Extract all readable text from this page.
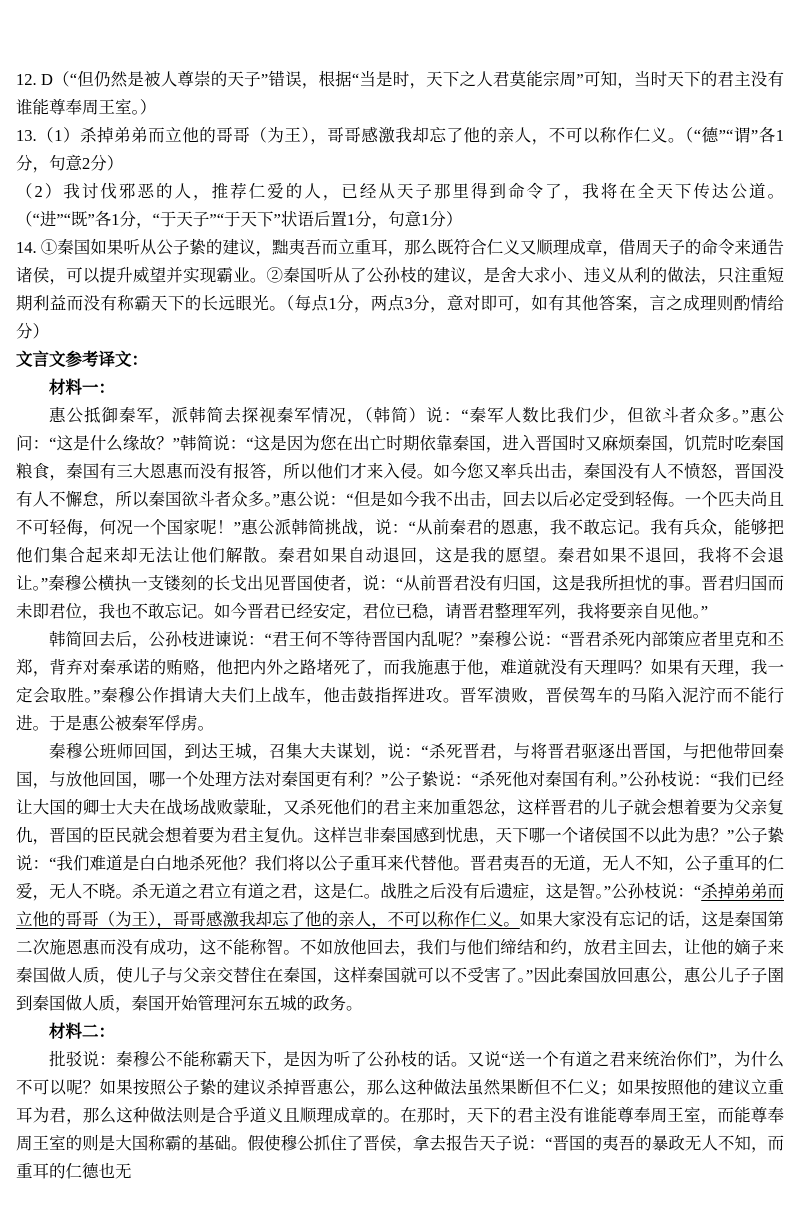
12. D（“但仍然是被人尊崇的天子”错误，根据“当是时，天下之人君莫能宗周”可知，当时天下的君主没有谁能尊奉周王室。）

13.（1）杀掉弟弟而立他的哥哥（为王），哥哥感激我却忘了他的亲人，不可以称作仁义。（“德”“谓”各1分，句意2分）

（2）我讨伐邪恶的人，推荐仁爱的人，已经从天子那里得到命令了，我将在全天下传达公道。（“进”“既”各1分，“于天子”“于天下”状语后置1分，句意1分）

14. ①秦国如果听从公子絷的建议，黜夷吾而立重耳，那么既符合仁义又顺理成章，借周天子的命令来通告诸侯，可以提升威望并实现霸业。②秦国听从了公孙枝的建议，是舍大求小、违义从利的做法，只注重短期利益而没有称霸天下的长远眼光。（每点1分，两点3分，意对即可，如有其他答案，言之成理则酌情给分）

文言文参考译文：

材料一：

惠公抵御秦军，派韩简去探视秦军情况，（韩简）说：“秦军人数比我们少，但欲斗者众多。”惠公问：“这是什么缘故？”韩简说：“这是因为您在出亡时期依靠秦国，进入晋国时又麻烦秦国，饥荒时吃秦国粮食，秦国有三大恩惠而没有报答，所以他们才来入侵。如今您又率兵出击，秦国没有人不愤怒，晋国没有人不懈怠，所以秦国欲斗者众多。”惠公说：“但是如今我不出击，回去以后必定受到轻侮。一个匹夫尚且不可轻侮，何况一个国家呢！”惠公派韩简挑战，说：“从前秦君的恩惠，我不敢忘记。我有兵众，能够把他们集合起来却无法让他们解散。秦君如果自动退回，这是我的愿望。秦君如果不退回，我将不会退让。”秦穆公横执一支镂刻的长戈出见晋国使者，说：“从前晋君没有归国，这是我所担忧的事。晋君归国而未即君位，我也不敢忘记。如今晋君已经安定，君位已稳，请晋君整理军列，我将要亲自见他。”

韩简回去后，公孙枝进谏说：“君王何不等待晋国内乱呢？”秦穆公说：“晋君杀死内部策应者里克和丕郑，背弃对秦承诺的贿赂，他把内外之路堵死了，而我施惠于他，难道就没有天理吗？如果有天理，我一定会取胜。”秦穆公作揖请大夫们上战车，他击鼓指挥进攻。晋军溃败，晋侯驾车的马陷入泥泞而不能行进。于是惠公被秦军俘虏。

秦穆公班师回国，到达王城，召集大夫谋划，说：“杀死晋君，与将晋君驱逐出晋国，与把他带回秦国，与放他回国，哪一个处理方法对秦国更有利？”公子絷说：“杀死他对秦国有利。”公孙枝说：“我们已经让大国的卿士大夫在战场战败蒙耻，又杀死他们的君主来加重怨忿，这样晋君的儿子就会想着要为父亲复仇，晋国的臣民就会想着要为君主复仇。这样岂非秦国感到忧患，天下哪一个诸侯国不以此为患？”公子絷说：“我们难道是白白地杀死他？我们将以公子重耳来代替他。晋君夷吾的无道，无人不知，公子重耳的仁爱，无人不晓。杀无道之君立有道之君，这是仁。战胜之后没有后遗症，这是智。”公孙枝说：“杀掉弟弟而立他的哥哥（为王），哥哥感激我却忘了他的亲人，不可以称作仁义。如果大家没有忘记的话，这是秦国第二次施恩惠而没有成功，这不能称智。不如放他回去，我们与他们缔结和约，放君主回去，让他的嫡子来秦国做人质，使儿子与父亲交替住在秦国，这样秦国就可以不受害了。”因此秦国放回惠公，惠公儿子子圉到秦国做人质，秦国开始管理河东五城的政务。

材料二：

批驳说：秦穆公不能称霸天下，是因为听了公孙枝的话。又说“送一个有道之君来统治你们”，为什么不可以呢？如果按照公子絷的建议杀掉晋惠公，那么这种做法虽然果断但不仁义；如果按照他的建议立重耳为君，那么这种做法则是合乎道义且顺理成章的。在那时，天下的君主没有谁能尊奉周王室，而能尊奉周王室的则是大国称霸的基础。假使穆公抓住了晋侯，拿去报告天子说：“晋国的夷吾的暴政无人不知，而重耳的仁德也无
